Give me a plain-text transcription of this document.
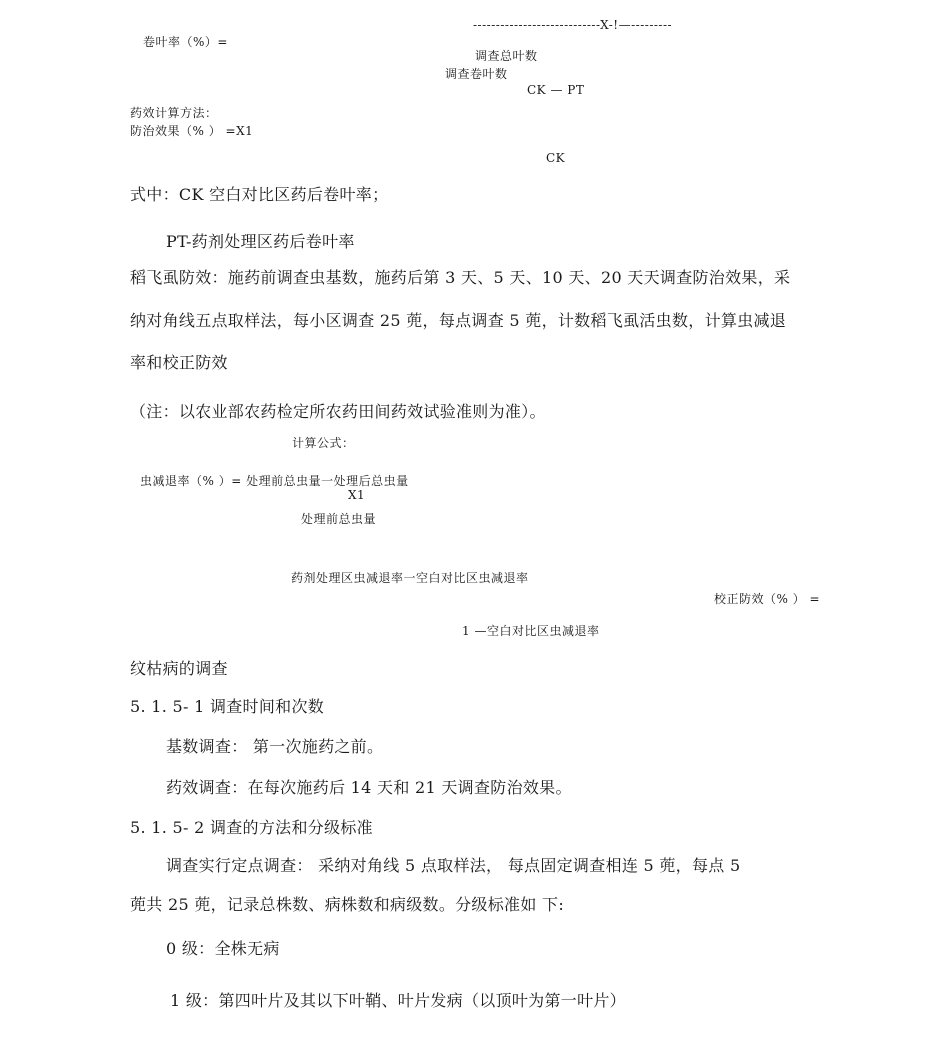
----------------------------X-!—---------

卷叶率（%）=

调查总叶数

调查卷叶数

CK — PT

药效计算方法：

防治效果（% ） =X1

CK

式中：CK 空白对比区药后卷叶率；

PT-药剂处理区药后卷叶率

稻飞虱防效：施药前调查虫基数，施药后第 3 天、5 天、10 天、20 天天调查防治效果，采

纳对角线五点取样法，每小区调查 25 蔸，每点调查 5 蔸，计数稻飞虱活虫数，计算虫减退

率和校正防效

（注：以农业部农药检定所农药田间药效试验准则为准）。

计算公式：

虫减退率（% ）= 处理前总虫量一处理后总虫量

X1

处理前总虫量

药剂处理区虫减退率一空白对比区虫减退率

校正防效（% ） =

1 —空白对比区虫减退率

纹枯病的调查

5. 1. 5- 1 调查时间和次数

基数调查： 第一次施药之前。

药效调查：在每次施药后 14 天和 21 天调查防治效果。

5. 1. 5- 2 调查的方法和分级标准

调查实行定点调查： 采纳对角线 5 点取样法， 每点固定调查相连 5 蔸，每点 5

蔸共 25 蔸，记录总株数、病株数和病级数。分级标准如 下:

0 级：全株无病

1 级：第四叶片及其以下叶鞘、叶片发病（以顶叶为第一叶片）
